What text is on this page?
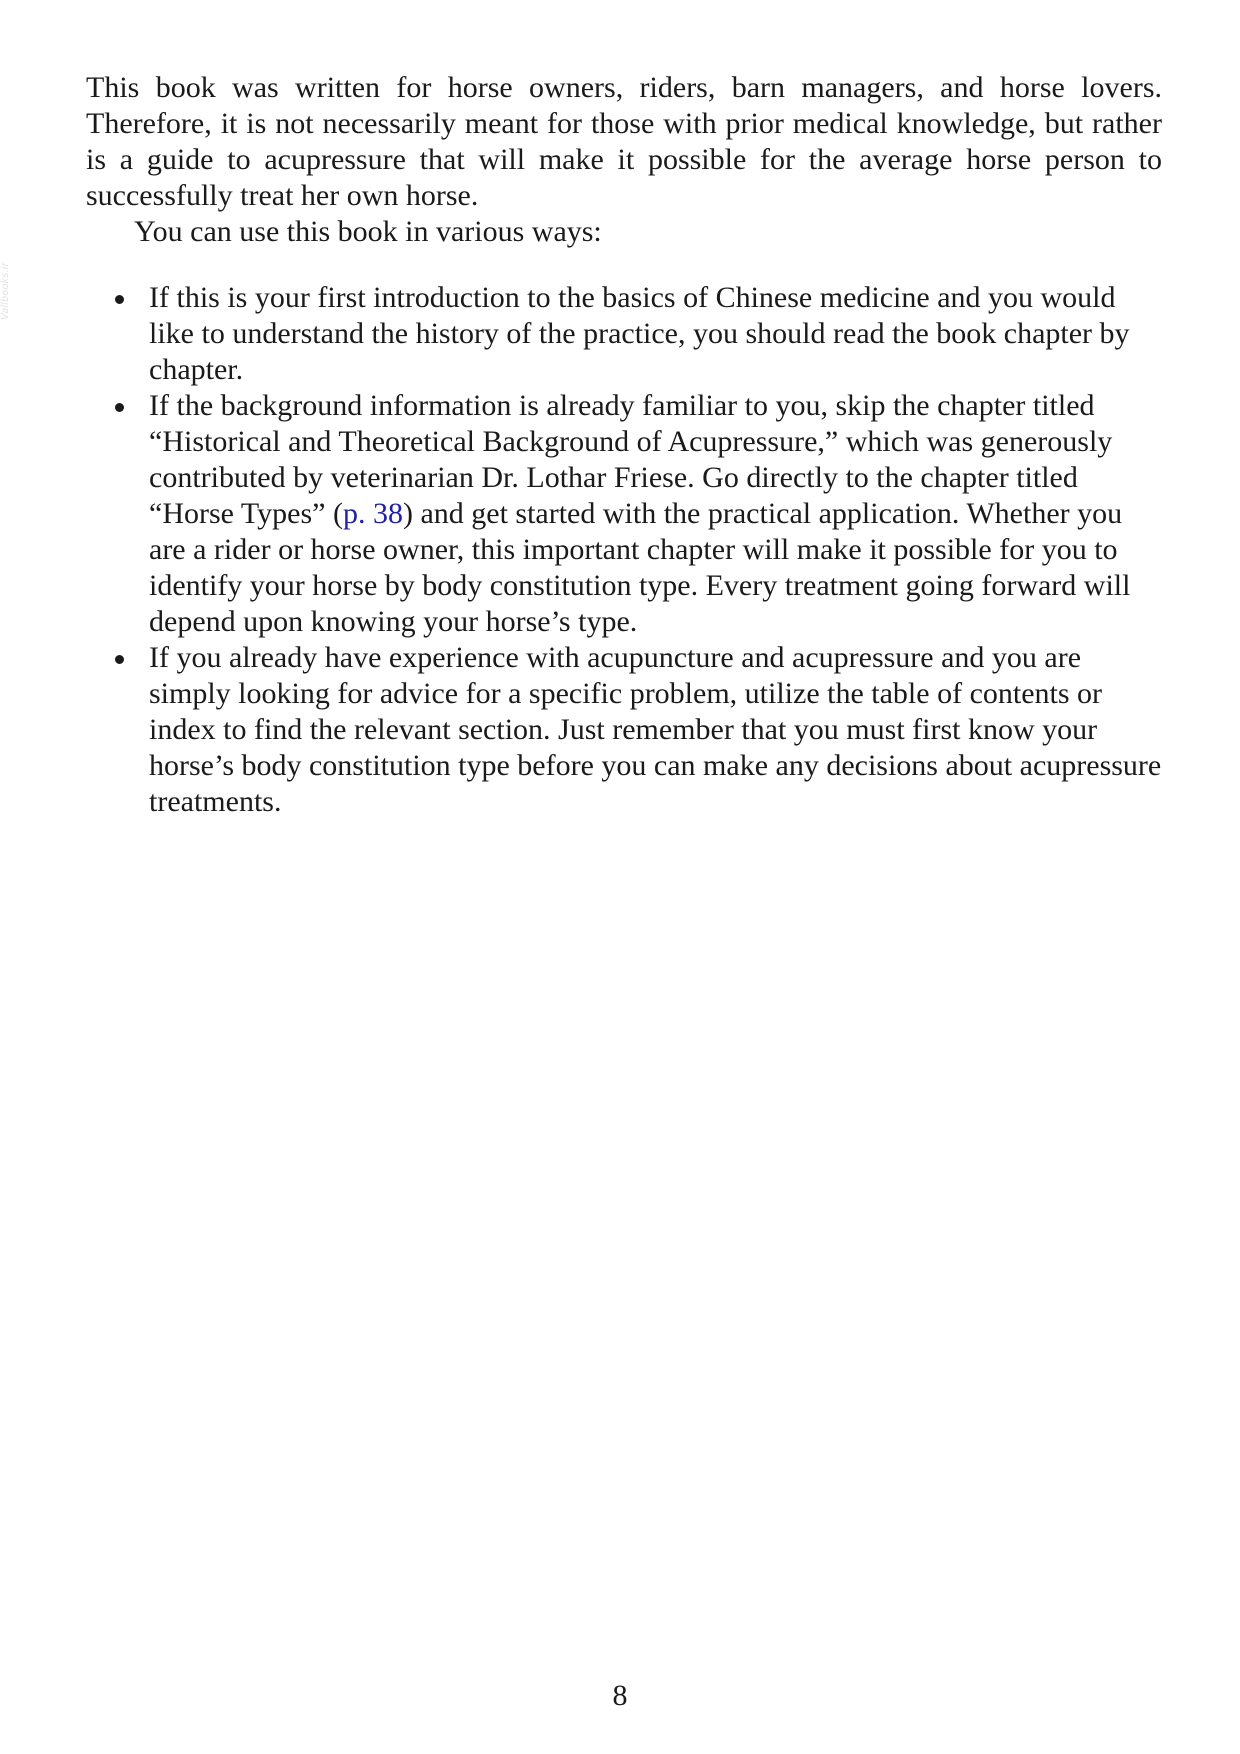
Vallbooks.ir

This book was written for horse owners, riders, barn managers, and horse lovers. Therefore, it is not necessarily meant for those with prior medical knowledge, but rather is a guide to acupressure that will make it possible for the average horse person to successfully treat her own horse.

You can use this book in various ways:

If this is your first introduction to the basics of Chinese medicine and you would like to understand the history of the practice, you should read the book chapter by chapter.
If the background information is already familiar to you, skip the chapter titled “Historical and Theoretical Background of Acupressure,” which was generously contributed by veterinarian Dr. Lothar Friese. Go directly to the chapter titled “Horse Types” (p. 38) and get started with the practical application. Whether you are a rider or horse owner, this important chapter will make it possible for you to identify your horse by body constitution type. Every treatment going forward will depend upon knowing your horse’s type.
If you already have experience with acupuncture and acupressure and you are simply looking for advice for a specific problem, utilize the table of contents or index to find the relevant section. Just remember that you must first know your horse’s body constitution type before you can make any decisions about acupressure treatments.
8
